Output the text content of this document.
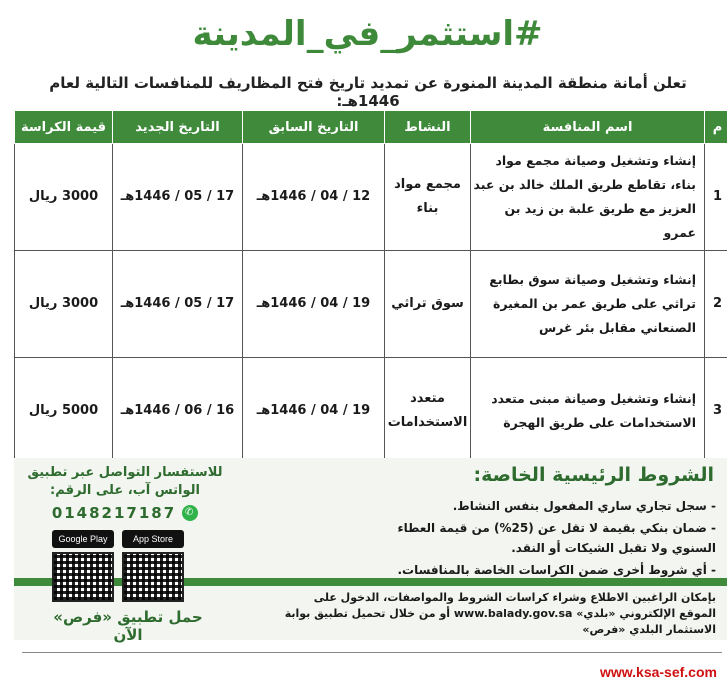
#استثمر_في_المدينة
تعلن أمانة منطقة المدينة المنورة عن تمديد تاريخ فتح المظاريف للمنافسات التالية لعام 1446هـ:
م	اسم المنافسة	النشاط	التاريخ السابق	التاريخ الجديد	قيمة الكراسة
1	إنشاء وتشغيل وصيانة مجمع مواد بناء، تقاطع طريق الملك خالد بن عبد العزيز مع طريق علبة بن زيد بن عمرو	مجمع مواد بناء	12 / 04 / 1446هـ	17 / 05 / 1446هـ	3000 ريال
2	إنشاء وتشغيل وصيانة سوق بطابع تراثي على طريق عمر بن المغيرة الصنعاني مقابل بئر غرس	سوق تراثي	19 / 04 / 1446هـ	17 / 05 / 1446هـ	3000 ريال
3	إنشاء وتشغيل وصيانة مبنى متعدد الاستخدامات على طريق الهجرة	متعدد الاستخدامات	19 / 04 / 1446هـ	16 / 06 / 1446هـ	5000 ريال
الشروط الرئيسية الخاصة:
- سجل تجاري ساري المفعول بنفس النشاط.
- ضمان بنكي بقيمة لا تقل عن (25%) من قيمة العطاء السنوي ولا تقبل الشيكات أو النقد.
- أي شروط أخرى ضمن الكراسات الخاصة بالمنافسات.
بإمكان الراغبين الاطلاع وشراء كراسات الشروط والمواصفات، الدخول على الموقع الإلكتروني «بلدي» www.balady.gov.sa أو من خلال تحميل تطبيق بوابة الاستثمار البلدي «فرص»
للاستفسار التواصل عبر تطبيق
الواتس آب، على الرقم:
0148217187 ✆
Google Play	App Store
حمل تطبيق «فرص» الآن
www.ksa-sef.com
